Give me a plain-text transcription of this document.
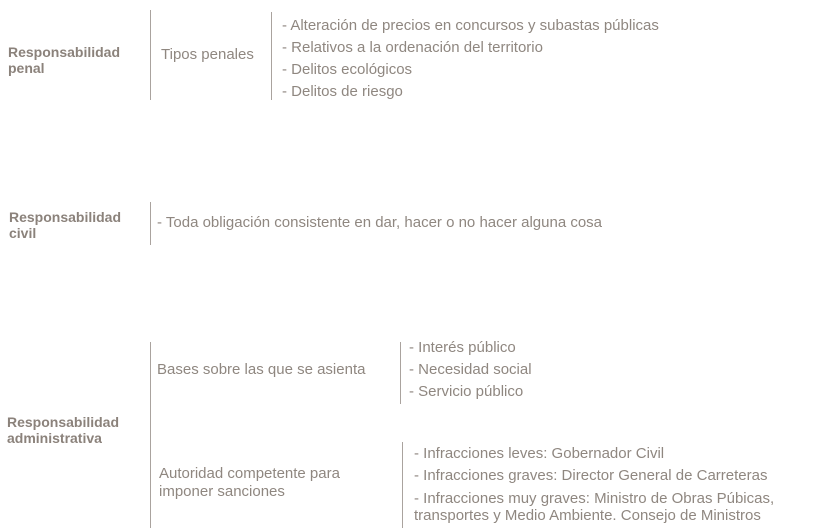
Responsabilidad
penal
Tipos penales
- Alteración de precios en concursos y subastas públicas
- Relativos a la ordenación del territorio
- Delitos ecológicos
- Delitos de riesgo
Responsabilidad
civil
- Toda obligación consistente en dar, hacer o no hacer alguna cosa
Responsabilidad
administrativa
Bases sobre las que se asienta
- Interés público
- Necesidad social
- Servicio público
Autoridad competente para
imponer sanciones
- Infracciones leves: Gobernador Civil
- Infracciones graves: Director General de Carreteras
- Infracciones muy graves: Ministro de Obras Púbicas,
transportes y Medio Ambiente. Consejo de Ministros
